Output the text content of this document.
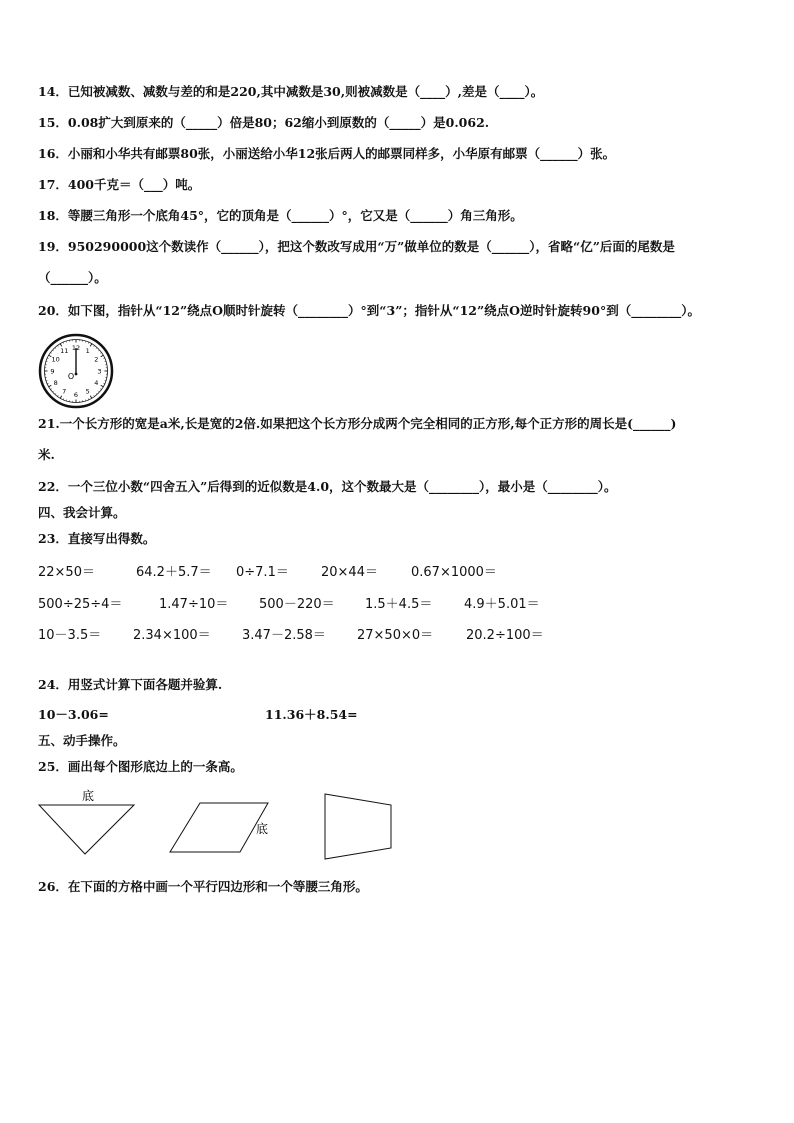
14．已知被减数、减数与差的和是220,其中减数是30,则被减数是（____）,差是（____）。
15．0.08扩大到原来的（_____）倍是80；62缩小到原数的（_____）是0.062.
16．小丽和小华共有邮票80张，小丽送给小华12张后两人的邮票同样多，小华原有邮票（______）张。
17．400千克＝（___）吨。
18．等腰三角形一个底角45°，它的顶角是（______）°，它又是（______）角三角形。
19．950290000这个数读作（______），把这个数改写成用“万”做单位的数是（______），省略“亿”后面的尾数是
（______）。
20．如下图，指针从“12”绕点O顺时针旋转（________）°到“3”；指针从“12”绕点O逆时针旋转90°到（________）。
12 1
2
3
4
5
6
7
8
9
10
11
O
21.一个长方形的宽是a米,长是宽的2倍.如果把这个长方形分成两个完全相同的正方形,每个正方形的周长是(______)
米.
22．一个三位小数“四舍五入”后得到的近似数是4.0，这个数最大是（________），最小是（________）。
四、我会计算。
23．直接写出得数。
22×50＝	64.2＋5.7＝ 0÷7.1＝ 20×44＝	0.67×1000＝
500÷25÷4＝	1.47÷10＝ 500－220＝ 1.5＋4.5＝ 4.9＋5.01＝
10－3.5＝ 2.34×100＝ 3.47－2.58＝ 27×50×0＝	20.2÷100＝
24．用竖式计算下面各题并验算.
10－3.06=	11.36＋8.54=
五、动手操作。
25．画出每个图形底边上的一条高。
底
底
26．在下面的方格中画一个平行四边形和一个等腰三角形。
